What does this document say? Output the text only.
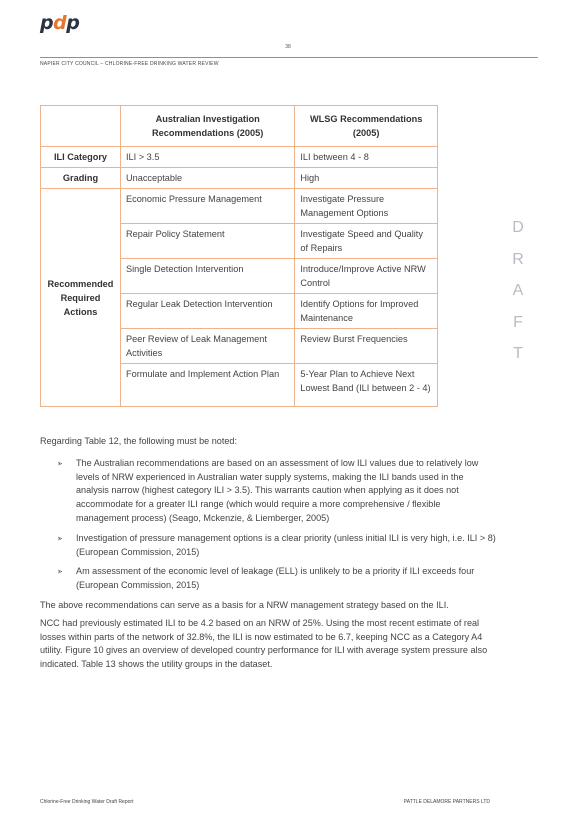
pdp
38
NAPIER CITY COUNCIL – CHLORINE-FREE DRINKING WATER REVIEW
	Australian Investigation Recommendations (2005)	WLSG Recommendations (2005)
ILI Category	ILI > 3.5	ILI between 4 - 8
Grading	Unacceptable	High
Recommended Required Actions	Economic Pressure Management	Investigate Pressure Management Options
	Repair Policy Statement	Investigate Speed and Quality of Repairs
	Single Detection Intervention	Introduce/Improve Active NRW Control
	Regular Leak Detection Intervention	Identify Options for Improved Maintenance
	Peer Review of Leak Management Activities	Review Burst Frequencies
	Formulate and Implement Action Plan	5-Year Plan to Achieve Next Lowest Band (ILI between 2 - 4)
D
R
A
F
T

Regarding Table 12, the following must be noted:

⪢ The Australian recommendations are based on an assessment of low ILI values due to relatively low levels of NRW experienced in Australian water supply systems, making the ILI bands used in the analysis narrow (highest category ILI > 3.5). This warrants caution when applying as it does not accommodate for a greater ILI range (which would require a more comprehensive / flexible management process) (Seago, Mckenzie, & Liemberger, 2005)
⪢ Investigation of pressure management options is a clear priority (unless initial ILI is very high, i.e. ILI > 8) (European Commission, 2015)
⪢ Am assessment of the economic level of leakage (ELL) is unlikely to be a priority if ILI exceeds four (European Commission, 2015)

The above recommendations can serve as a basis for a NRW management strategy based on the ILI.

NCC had previously estimated ILI to be 4.2 based on an NRW of 25%. Using the most recent estimate of real losses within parts of the network of 32.8%, the ILI is now estimated to be 6.7, keeping NCC as a Category A4 utility. Figure 10 gives an overview of developed country performance for ILI with average system pressure also indicated. Table 13 shows the utility groups in the dataset.

Chlorine-Free Drinking Water Draft Report	PATTLE DELAMORE PARTNERS LTD
